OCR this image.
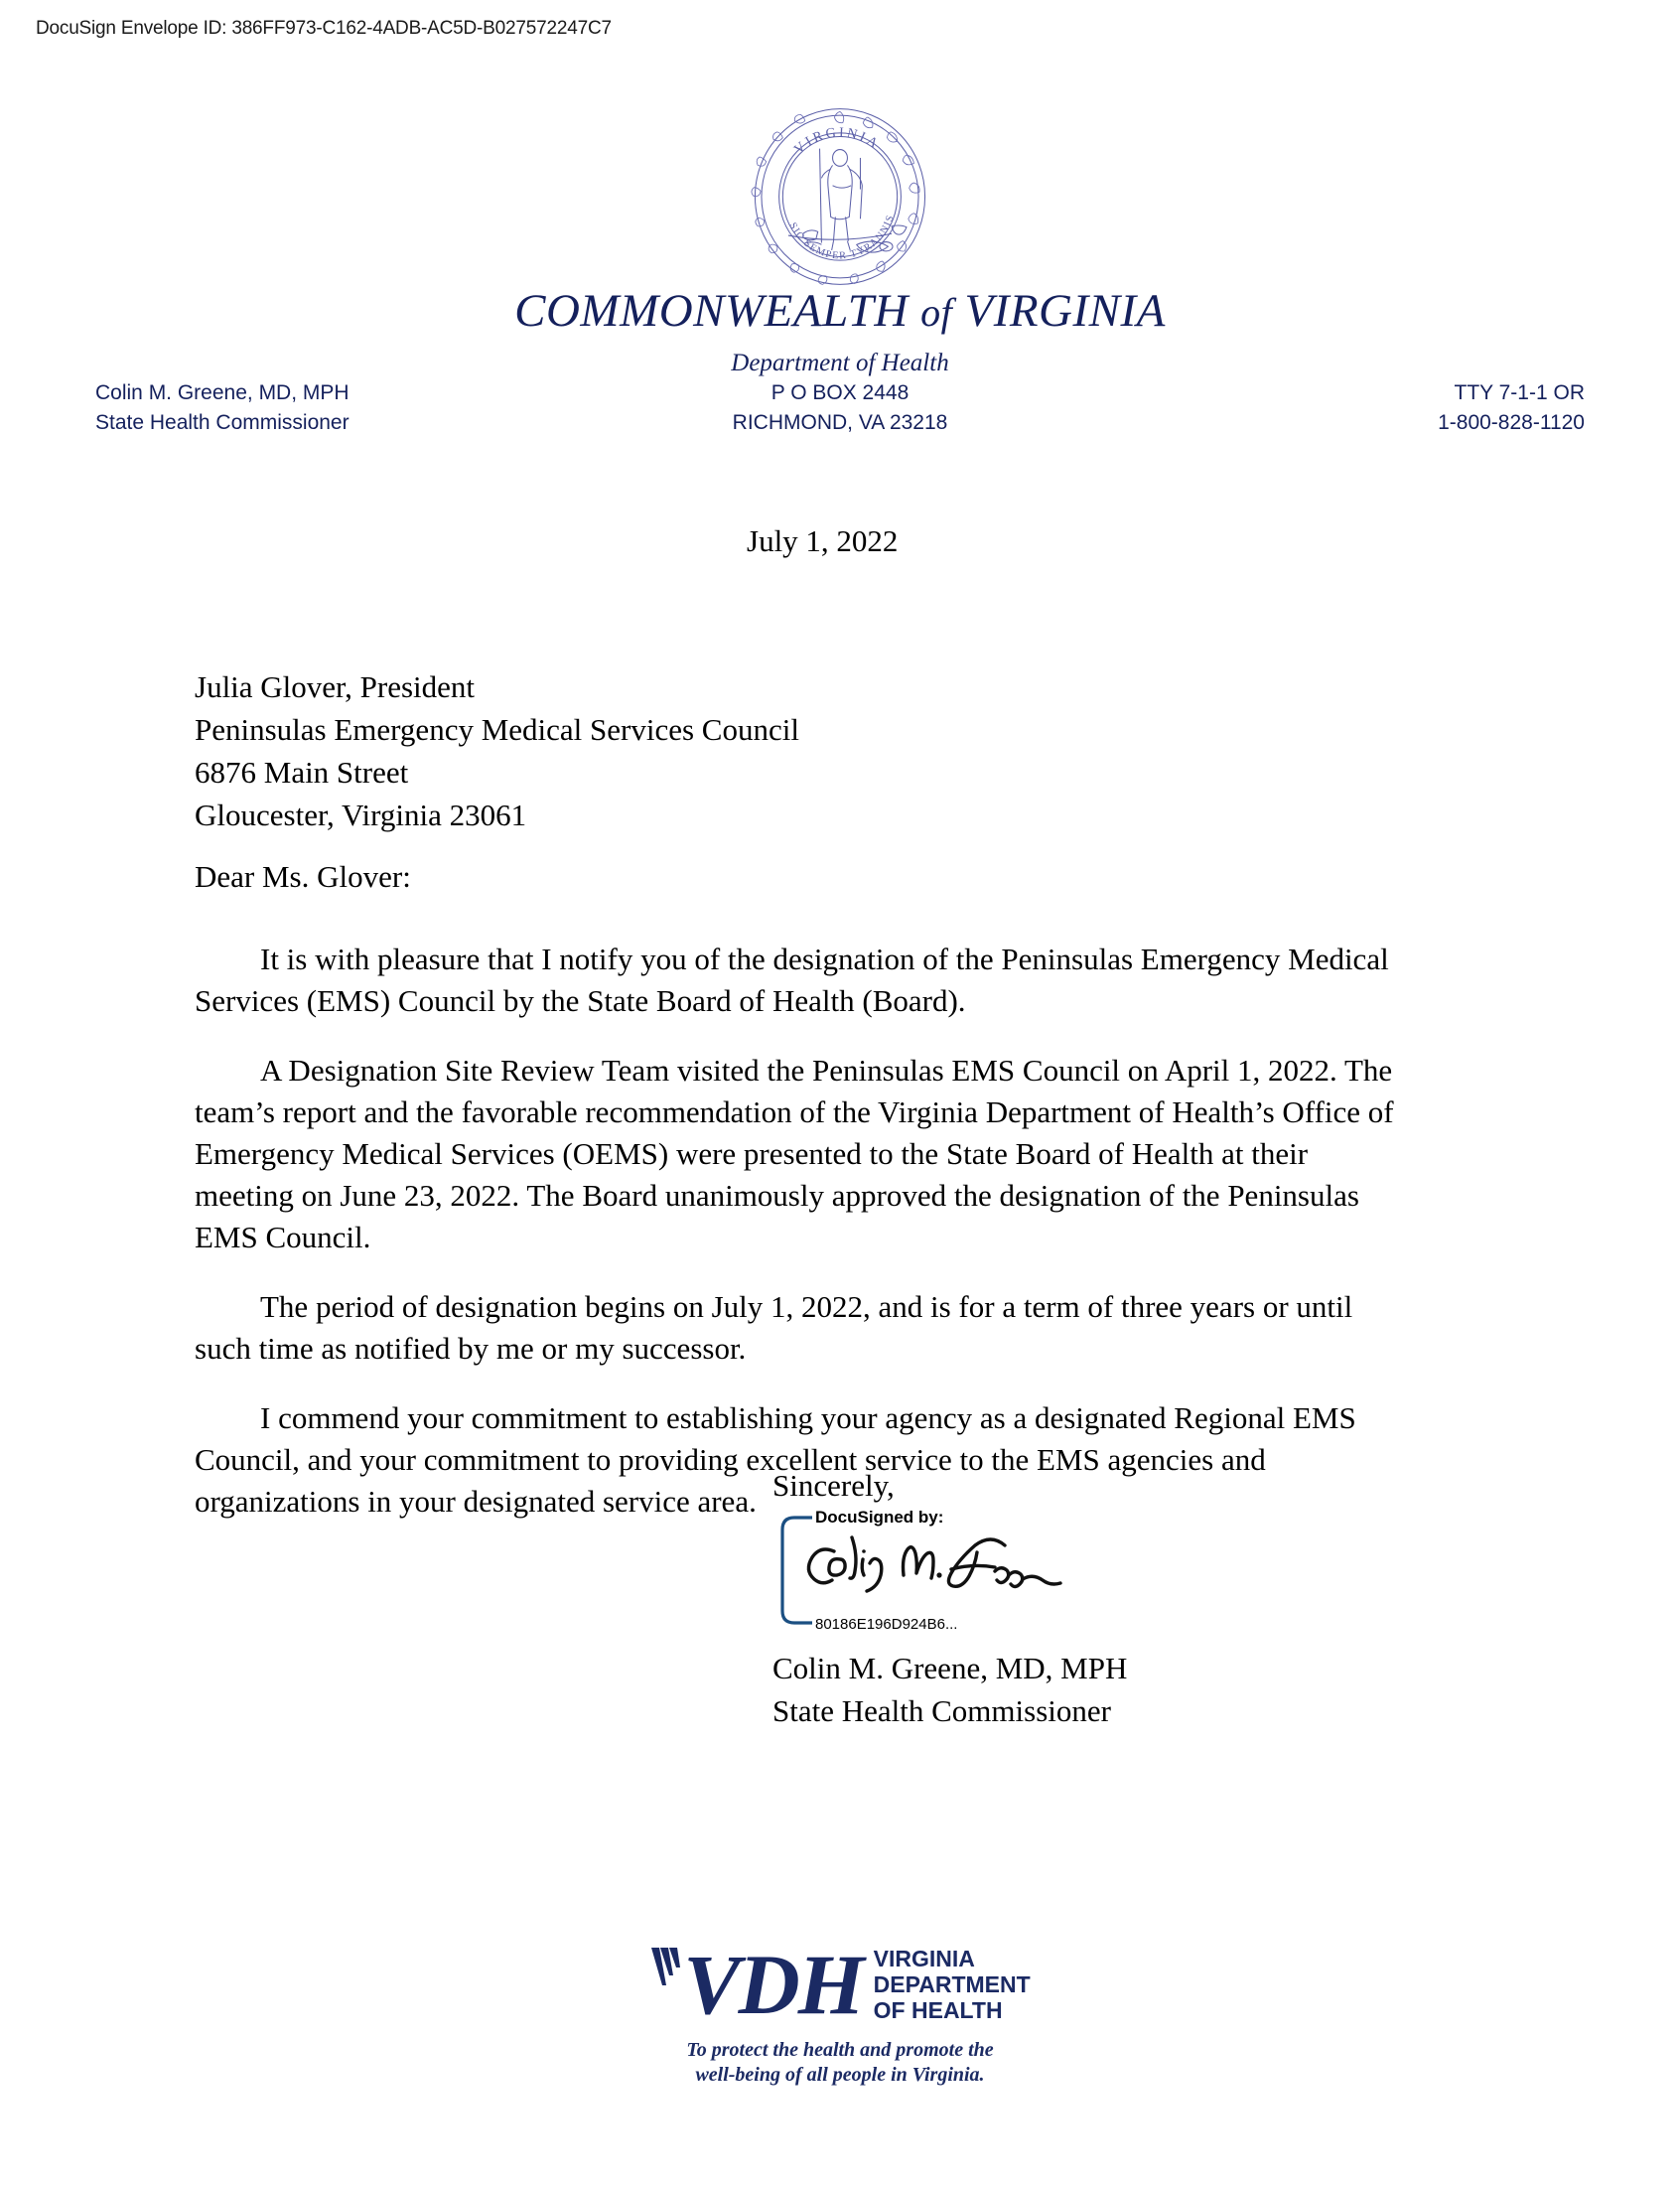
DocuSign Envelope ID: 386FF973-C162-4ADB-AC5D-B027572247C7
VIRGINIA
SIC SEMPER TYRANNIS
COMMONWEALTH of VIRGINIA
Department of Health
Colin M. Greene, MD, MPH	P O BOX 2448	TTY 7-1-1 OR
State Health Commissioner	RICHMOND, VA 23218	1-800-828-1120
July 1, 2022
Julia Glover, President
Peninsulas Emergency Medical Services Council
6876 Main Street
Gloucester, Virginia 23061
Dear Ms. Glover:

It is with pleasure that I notify you of the designation of the Peninsulas Emergency Medical Services (EMS) Council by the State Board of Health (Board).

A Designation Site Review Team visited the Peninsulas EMS Council on April 1, 2022. The team’s report and the favorable recommendation of the Virginia Department of Health’s Office of Emergency Medical Services (OEMS) were presented to the State Board of Health at their meeting on June 23, 2022. The Board unanimously approved the designation of the Peninsulas EMS Council.

The period of designation begins on July 1, 2022, and is for a term of three years or until such time as notified by me or my successor.

I commend your commitment to establishing your agency as a designated Regional EMS Council, and your commitment to providing excellent service to the EMS agencies and organizations in your designated service area. Sincerely,
DocuSigned by:
80186E196D924B6...
Colin M. Greene, MD, MPH
State Health Commissioner
VDH VIRGINIA
DEPARTMENT
OF HEALTH
To protect the health and promote the
well-being of all people in Virginia.
